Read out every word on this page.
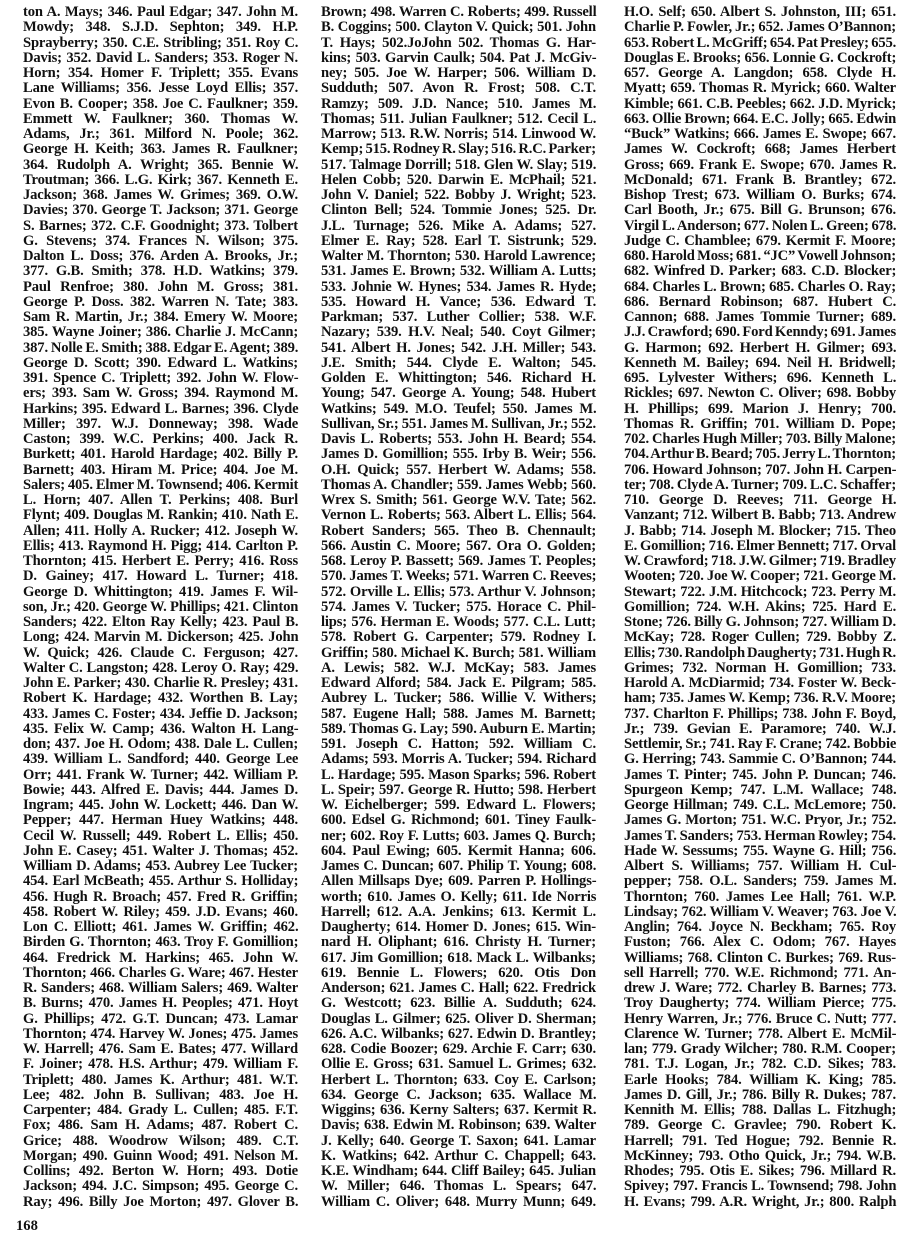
ton A. Mays; 346. Paul Edgar; 347. John M.
Mowdy; 348. S.J.D. Sephton; 349. H.P.
Sprayberry; 350. C.E. Stribling; 351. Roy C.
Davis; 352. David L. Sanders; 353. Roger N.
Horn; 354. Homer F. Triplett; 355. Evans
Lane Williams; 356. Jesse Loyd Ellis; 357.
Evon B. Cooper; 358. Joe C. Faulkner; 359.
Emmett W. Faulkner; 360. Thomas W.
Adams, Jr.; 361. Milford N. Poole; 362.
George H. Keith; 363. James R. Faulkner;
364. Rudolph A. Wright; 365. Bennie W.
Troutman; 366. L.G. Kirk; 367. Kenneth E.
Jackson; 368. James W. Grimes; 369. O.W.
Davies; 370. George T. Jackson; 371. George
S. Barnes; 372. C.F. Goodnight; 373. Tolbert
G. Stevens; 374. Frances N. Wilson; 375.
Dalton L. Doss; 376. Arden A. Brooks, Jr.;
377. G.B. Smith; 378. H.D. Watkins; 379.
Paul Renfroe; 380. John M. Gross; 381.
George P. Doss. 382. Warren N. Tate; 383.
Sam R. Martin, Jr.; 384. Emery W. Moore;
385. Wayne Joiner; 386. Charlie J. McCann;
387. Nolle E. Smith; 388. Edgar E. Agent; 389.
George D. Scott; 390. Edward L. Watkins;
391. Spence C. Triplett; 392. John W. Flow-
ers; 393. Sam W. Gross; 394. Raymond M.
Harkins; 395. Edward L. Barnes; 396. Clyde
Miller; 397. W.J. Donneway; 398. Wade
Caston; 399. W.C. Perkins; 400. Jack R.
Burkett; 401. Harold Hardage; 402. Billy P.
Barnett; 403. Hiram M. Price; 404. Joe M.
Salers; 405. Elmer M. Townsend; 406. Kermit
L. Horn; 407. Allen T. Perkins; 408. Burl
Flynt; 409. Douglas M. Rankin; 410. Nath E.
Allen; 411. Holly A. Rucker; 412. Joseph W.
Ellis; 413. Raymond H. Pigg; 414. Carlton P.
Thornton; 415. Herbert E. Perry; 416. Ross
D. Gainey; 417. Howard L. Turner; 418.
George D. Whittington; 419. James F. Wil-
son, Jr.; 420. George W. Phillips; 421. Clinton
Sanders; 422. Elton Ray Kelly; 423. Paul B.
Long; 424. Marvin M. Dickerson; 425. John
W. Quick; 426. Claude C. Ferguson; 427.
Walter C. Langston; 428. Leroy O. Ray; 429.
John E. Parker; 430. Charlie R. Presley; 431.
Robert K. Hardage; 432. Worthen B. Lay;
433. James C. Foster; 434. Jeffie D. Jackson;
435. Felix W. Camp; 436. Walton H. Lang-
don; 437. Joe H. Odom; 438. Dale L. Cullen;
439. William L. Sandford; 440. George Lee
Orr; 441. Frank W. Turner; 442. William P.
Bowie; 443. Alfred E. Davis; 444. James D.
Ingram; 445. John W. Lockett; 446. Dan W.
Pepper; 447. Herman Huey Watkins; 448.
Cecil W. Russell; 449. Robert L. Ellis; 450.
John E. Casey; 451. Walter J. Thomas; 452.
William D. Adams; 453. Aubrey Lee Tucker;
454. Earl McBeath; 455. Arthur S. Holliday;
456. Hugh R. Broach; 457. Fred R. Griffin;
458. Robert W. Riley; 459. J.D. Evans; 460.
Lon C. Elliott; 461. James W. Griffin; 462.
Birden G. Thornton; 463. Troy F. Gomillion;
464. Fredrick M. Harkins; 465. John W.
Thornton; 466. Charles G. Ware; 467. Hester
R. Sanders; 468. William Salers; 469. Walter
B. Burns; 470. James H. Peoples; 471. Hoyt
G. Phillips; 472. G.T. Duncan; 473. Lamar
Thornton; 474. Harvey W. Jones; 475. James
W. Harrell; 476. Sam E. Bates; 477. Willard
F. Joiner; 478. H.S. Arthur; 479. William F.
Triplett; 480. James K. Arthur; 481. W.T.
Lee; 482. John B. Sullivan; 483. Joe H.
Carpenter; 484. Grady L. Cullen; 485. F.T.
Fox; 486. Sam H. Adams; 487. Robert C.
Grice; 488. Woodrow Wilson; 489. C.T.
Morgan; 490. Guinn Wood; 491. Nelson M.
Collins; 492. Berton W. Horn; 493. Dotie
Jackson; 494. J.C. Simpson; 495. George C.
Ray; 496. Billy Joe Morton; 497. Glover B.
Brown; 498. Warren C. Roberts; 499. Russell
B. Coggins; 500. Clayton V. Quick; 501. John
T. Hays; 502.JoJohn 502. Thomas G. Har-
kins; 503. Garvin Caulk; 504. Pat J. McGiv-
ney; 505. Joe W. Harper; 506. William D.
Sudduth; 507. Avon R. Frost; 508. C.T.
Ramzy; 509. J.D. Nance; 510. James M.
Thomas; 511. Julian Faulkner; 512. Cecil L.
Marrow; 513. R.W. Norris; 514. Linwood W.
Kemp; 515. Rodney R. Slay; 516. R.C. Parker;
517. Talmage Dorrill; 518. Glen W. Slay; 519.
Helen Cobb; 520. Darwin E. McPhail; 521.
John V. Daniel; 522. Bobby J. Wright; 523.
Clinton Bell; 524. Tommie Jones; 525. Dr.
J.L. Turnage; 526. Mike A. Adams; 527.
Elmer E. Ray; 528. Earl T. Sistrunk; 529.
Walter M. Thornton; 530. Harold Lawrence;
531. James E. Brown; 532. William A. Lutts;
533. Johnie W. Hynes; 534. James R. Hyde;
535. Howard H. Vance; 536. Edward T.
Parkman; 537. Luther Collier; 538. W.F.
Nazary; 539. H.V. Neal; 540. Coyt Gilmer;
541. Albert H. Jones; 542. J.H. Miller; 543.
J.E. Smith; 544. Clyde E. Walton; 545.
Golden E. Whittington; 546. Richard H.
Young; 547. George A. Young; 548. Hubert
Watkins; 549. M.O. Teufel; 550. James M.
Sullivan, Sr.; 551. James M. Sullivan, Jr.; 552.
Davis L. Roberts; 553. John H. Beard; 554.
James D. Gomillion; 555. Irby B. Weir; 556.
O.H. Quick; 557. Herbert W. Adams; 558.
Thomas A. Chandler; 559. James Webb; 560.
Wrex S. Smith; 561. George W.V. Tate; 562.
Vernon L. Roberts; 563. Albert L. Ellis; 564.
Robert Sanders; 565. Theo B. Chennault;
566. Austin C. Moore; 567. Ora O. Golden;
568. Leroy P. Bassett; 569. James T. Peoples;
570. James T. Weeks; 571. Warren C. Reeves;
572. Orville L. Ellis; 573. Arthur V. Johnson;
574. James V. Tucker; 575. Horace C. Phil-
lips; 576. Herman E. Woods; 577. C.L. Lutt;
578. Robert G. Carpenter; 579. Rodney I.
Griffin; 580. Michael K. Burch; 581. William
A. Lewis; 582. W.J. McKay; 583. James
Edward Alford; 584. Jack E. Pilgram; 585.
Aubrey L. Tucker; 586. Willie V. Withers;
587. Eugene Hall; 588. James M. Barnett;
589. Thomas G. Lay; 590. Auburn E. Martin;
591. Joseph C. Hatton; 592. William C.
Adams; 593. Morris A. Tucker; 594. Richard
L. Hardage; 595. Mason Sparks; 596. Robert
L. Speir; 597. George R. Hutto; 598. Herbert
W. Eichelberger; 599. Edward L. Flowers;
600. Edsel G. Richmond; 601. Tiney Faulk-
ner; 602. Roy F. Lutts; 603. James Q. Burch;
604. Paul Ewing; 605. Kermit Hanna; 606.
James C. Duncan; 607. Philip T. Young; 608.
Allen Millsaps Dye; 609. Parren P. Hollings-
worth; 610. James O. Kelly; 611. Ide Norris
Harrell; 612. A.A. Jenkins; 613. Kermit L.
Daugherty; 614. Homer D. Jones; 615. Win-
nard H. Oliphant; 616. Christy H. Turner;
617. Jim Gomillion; 618. Mack L. Wilbanks;
619. Bennie L. Flowers; 620. Otis Don
Anderson; 621. James C. Hall; 622. Fredrick
G. Westcott; 623. Billie A. Sudduth; 624.
Douglas L. Gilmer; 625. Oliver D. Sherman;
626. A.C. Wilbanks; 627. Edwin D. Brantley;
628. Codie Boozer; 629. Archie F. Carr; 630.
Ollie E. Gross; 631. Samuel L. Grimes; 632.
Herbert L. Thornton; 633. Coy E. Carlson;
634. George C. Jackson; 635. Wallace M.
Wiggins; 636. Kerny Salters; 637. Kermit R.
Davis; 638. Edwin M. Robinson; 639. Walter
J. Kelly; 640. George T. Saxon; 641. Lamar
K. Watkins; 642. Arthur C. Chappell; 643.
K.E. Windham; 644. Cliff Bailey; 645. Julian
W. Miller; 646. Thomas L. Spears; 647.
William C. Oliver; 648. Murry Munn; 649.
H.O. Self; 650. Albert S. Johnston, III; 651.
Charlie P. Fowler, Jr.; 652. James O’Bannon;
653. Robert L. McGriff; 654. Pat Presley; 655.
Douglas E. Brooks; 656. Lonnie G. Cockroft;
657. George A. Langdon; 658. Clyde H.
Myatt; 659. Thomas R. Myrick; 660. Walter
Kimble; 661. C.B. Peebles; 662. J.D. Myrick;
663. Ollie Brown; 664. E.C. Jolly; 665. Edwin
“Buck” Watkins; 666. James E. Swope; 667.
James W. Cockroft; 668; James Herbert
Gross; 669. Frank E. Swope; 670. James R.
McDonald; 671. Frank B. Brantley; 672.
Bishop Trest; 673. William O. Burks; 674.
Carl Booth, Jr.; 675. Bill G. Brunson; 676.
Virgil L. Anderson; 677. Nolen L. Green; 678.
Judge C. Chamblee; 679. Kermit F. Moore;
680. Harold Moss; 681. “JC” Vowell Johnson;
682. Winfred D. Parker; 683. C.D. Blocker;
684. Charles L. Brown; 685. Charles O. Ray;
686. Bernard Robinson; 687. Hubert C.
Cannon; 688. James Tommie Turner; 689.
J.J. Crawford; 690. Ford Kenndy; 691. James
G. Harmon; 692. Herbert H. Gilmer; 693.
Kenneth M. Bailey; 694. Neil H. Bridwell;
695. Lylvester Withers; 696. Kenneth L.
Rickles; 697. Newton C. Oliver; 698. Bobby
H. Phillips; 699. Marion J. Henry; 700.
Thomas R. Griffin; 701. William D. Pope;
702. Charles Hugh Miller; 703. Billy Malone;
704. Arthur B. Beard; 705. Jerry L. Thornton;
706. Howard Johnson; 707. John H. Carpen-
ter; 708. Clyde A. Turner; 709. L.C. Schaffer;
710. George D. Reeves; 711. George H.
Vanzant; 712. Wilbert B. Babb; 713. Andrew
J. Babb; 714. Joseph M. Blocker; 715. Theo
E. Gomillion; 716. Elmer Bennett; 717. Orval
W. Crawford; 718. J.W. Gilmer; 719. Bradley
Wooten; 720. Joe W. Cooper; 721. George M.
Stewart; 722. J.M. Hitchcock; 723. Perry M.
Gomillion; 724. W.H. Akins; 725. Hard E.
Stone; 726. Billy G. Johnson; 727. William D.
McKay; 728. Roger Cullen; 729. Bobby Z.
Ellis; 730. Randolph Daugherty; 731. Hugh R.
Grimes; 732. Norman H. Gomillion; 733.
Harold A. McDiarmid; 734. Foster W. Beck-
ham; 735. James W. Kemp; 736. R.V. Moore;
737. Charlton F. Phillips; 738. John F. Boyd,
Jr.; 739. Gevian E. Paramore; 740. W.J.
Settlemir, Sr.; 741. Ray F. Crane; 742. Bobbie
G. Herring; 743. Sammie C. O’Bannon; 744.
James T. Pinter; 745. John P. Duncan; 746.
Spurgeon Kemp; 747. L.M. Wallace; 748.
George Hillman; 749. C.L. McLemore; 750.
James G. Morton; 751. W.C. Pryor, Jr.; 752.
James T. Sanders; 753. Herman Rowley; 754.
Hade W. Sessums; 755. Wayne G. Hill; 756.
Albert S. Williams; 757. William H. Cul-
pepper; 758. O.L. Sanders; 759. James M.
Thornton; 760. James Lee Hall; 761. W.P.
Lindsay; 762. William V. Weaver; 763. Joe V.
Anglin; 764. Joyce N. Beckham; 765. Roy
Fuston; 766. Alex C. Odom; 767. Hayes
Williams; 768. Clinton C. Burkes; 769. Rus-
sell Harrell; 770. W.E. Richmond; 771. An-
drew J. Ware; 772. Charley B. Barnes; 773.
Troy Daugherty; 774. William Pierce; 775.
Henry Warren, Jr.; 776. Bruce C. Nutt; 777.
Clarence W. Turner; 778. Albert E. McMil-
lan; 779. Grady Wilcher; 780. R.M. Cooper;
781. T.J. Logan, Jr.; 782. C.D. Sikes; 783.
Earle Hooks; 784. William K. King; 785.
James D. Gill, Jr.; 786. Billy R. Dukes; 787.
Kennith M. Ellis; 788. Dallas L. Fitzhugh;
789. George C. Gravlee; 790. Robert K.
Harrell; 791. Ted Hogue; 792. Bennie R.
McKinney; 793. Otho Quick, Jr.; 794. W.B.
Rhodes; 795. Otis E. Sikes; 796. Millard R.
Spivey; 797. Francis L. Townsend; 798. John
H. Evans; 799. A.R. Wright, Jr.; 800. Ralph
168
